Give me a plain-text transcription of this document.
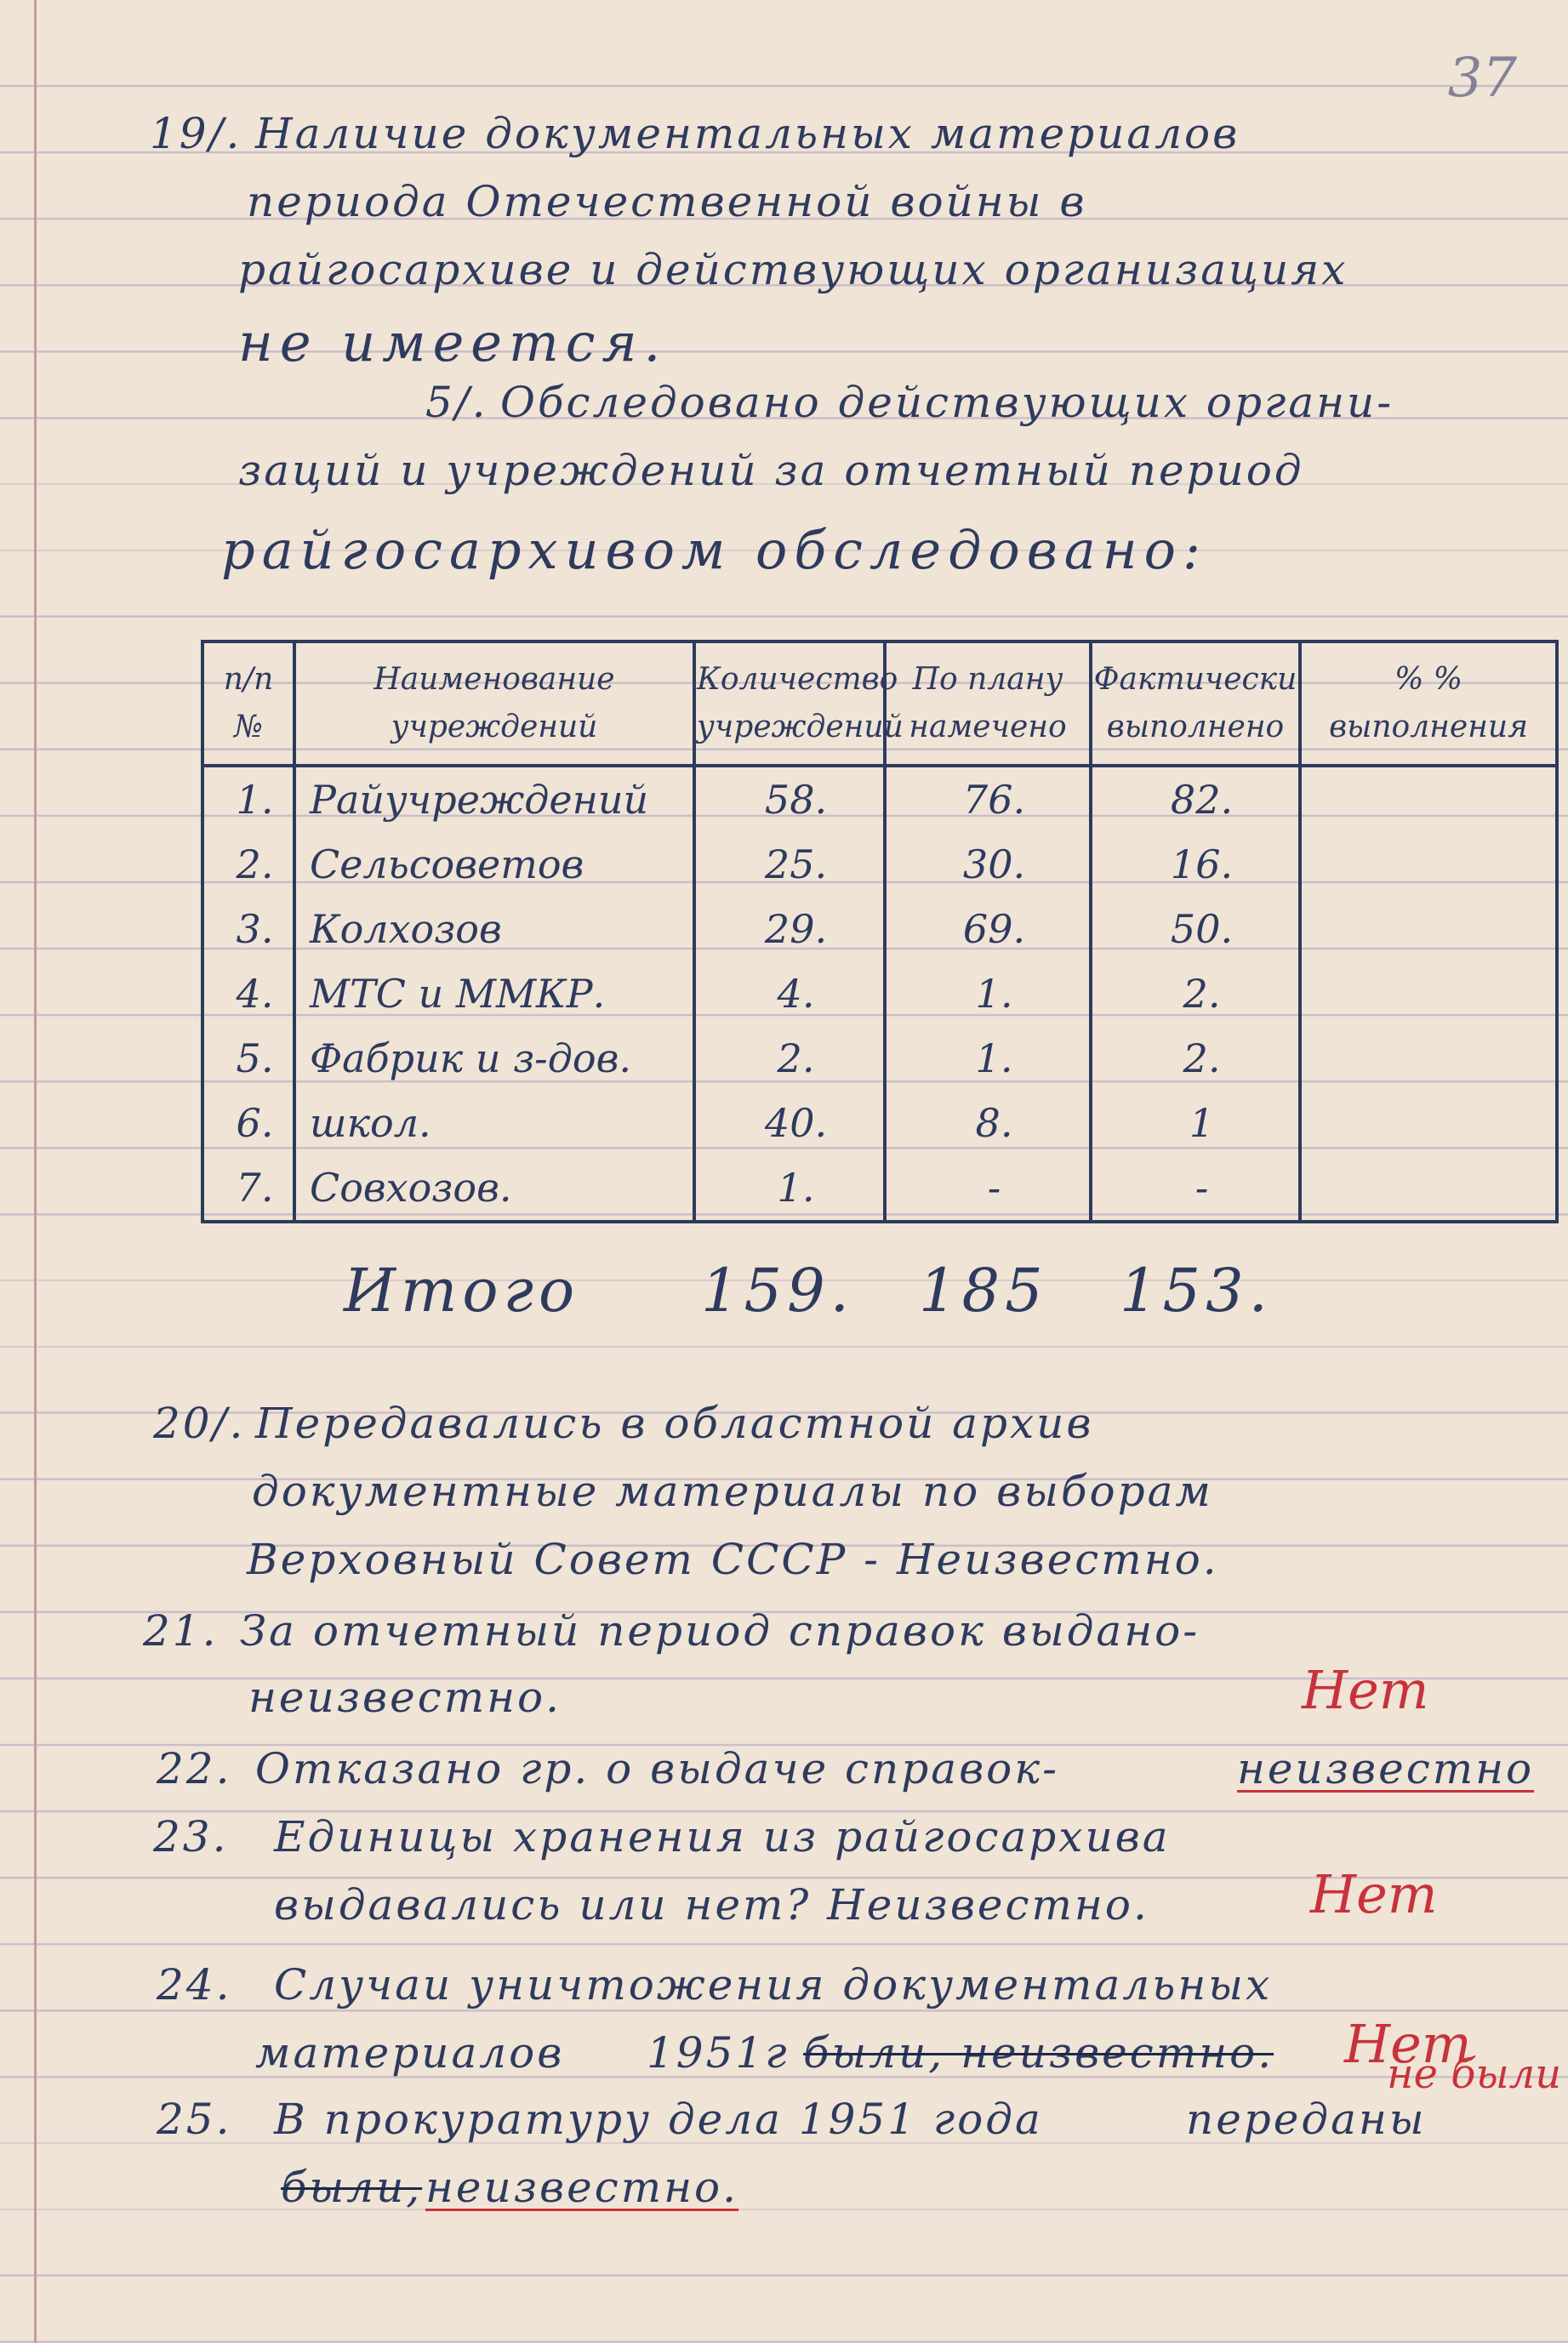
37
19/. Наличие документальных материалов
периода Отечественной войны в
райгосархиве и действующих организациях
не имеется.
5/. Обследовано действующих органи-
заций и учреждений за отчетный период
райгосархивом обследовано:
п/п №	Наименование учреждений	Количество учреждений	По плану намечено	Фактически выполнено	% % выполнения
1.	Райучреждений	58.	76.	82.	
2.	Сельсоветов	25.	30.	16.	
3.	Колхозов	29.	69.	50.	
4.	МТС и ММКР.	4.	1.	2.	
5.	Фабрик и з-дов.	2.	1.	2.	
6.	школ.	40.	8.	1	
7.	Совхозов.	1.	-	-	
Итого 159. 185 153.
20/. Передавались в областной архив
документные материалы по выборам
Верховный Совет СССР - Неизвестно.
21. За отчетный период справок выдано-
неизвестно.	Нет
22. Отказано гр. о выдаче справок-	неизвестно
23. Единицы хранения из райгосархива
выдавались или нет? Неизвестно.	Нет
24. Случаи уничтожения документальных
материалов 1951г были, неизвестно. Нет
25. В прокуратуру дела 1951 года	переданы
были, неизвестно.
не были
